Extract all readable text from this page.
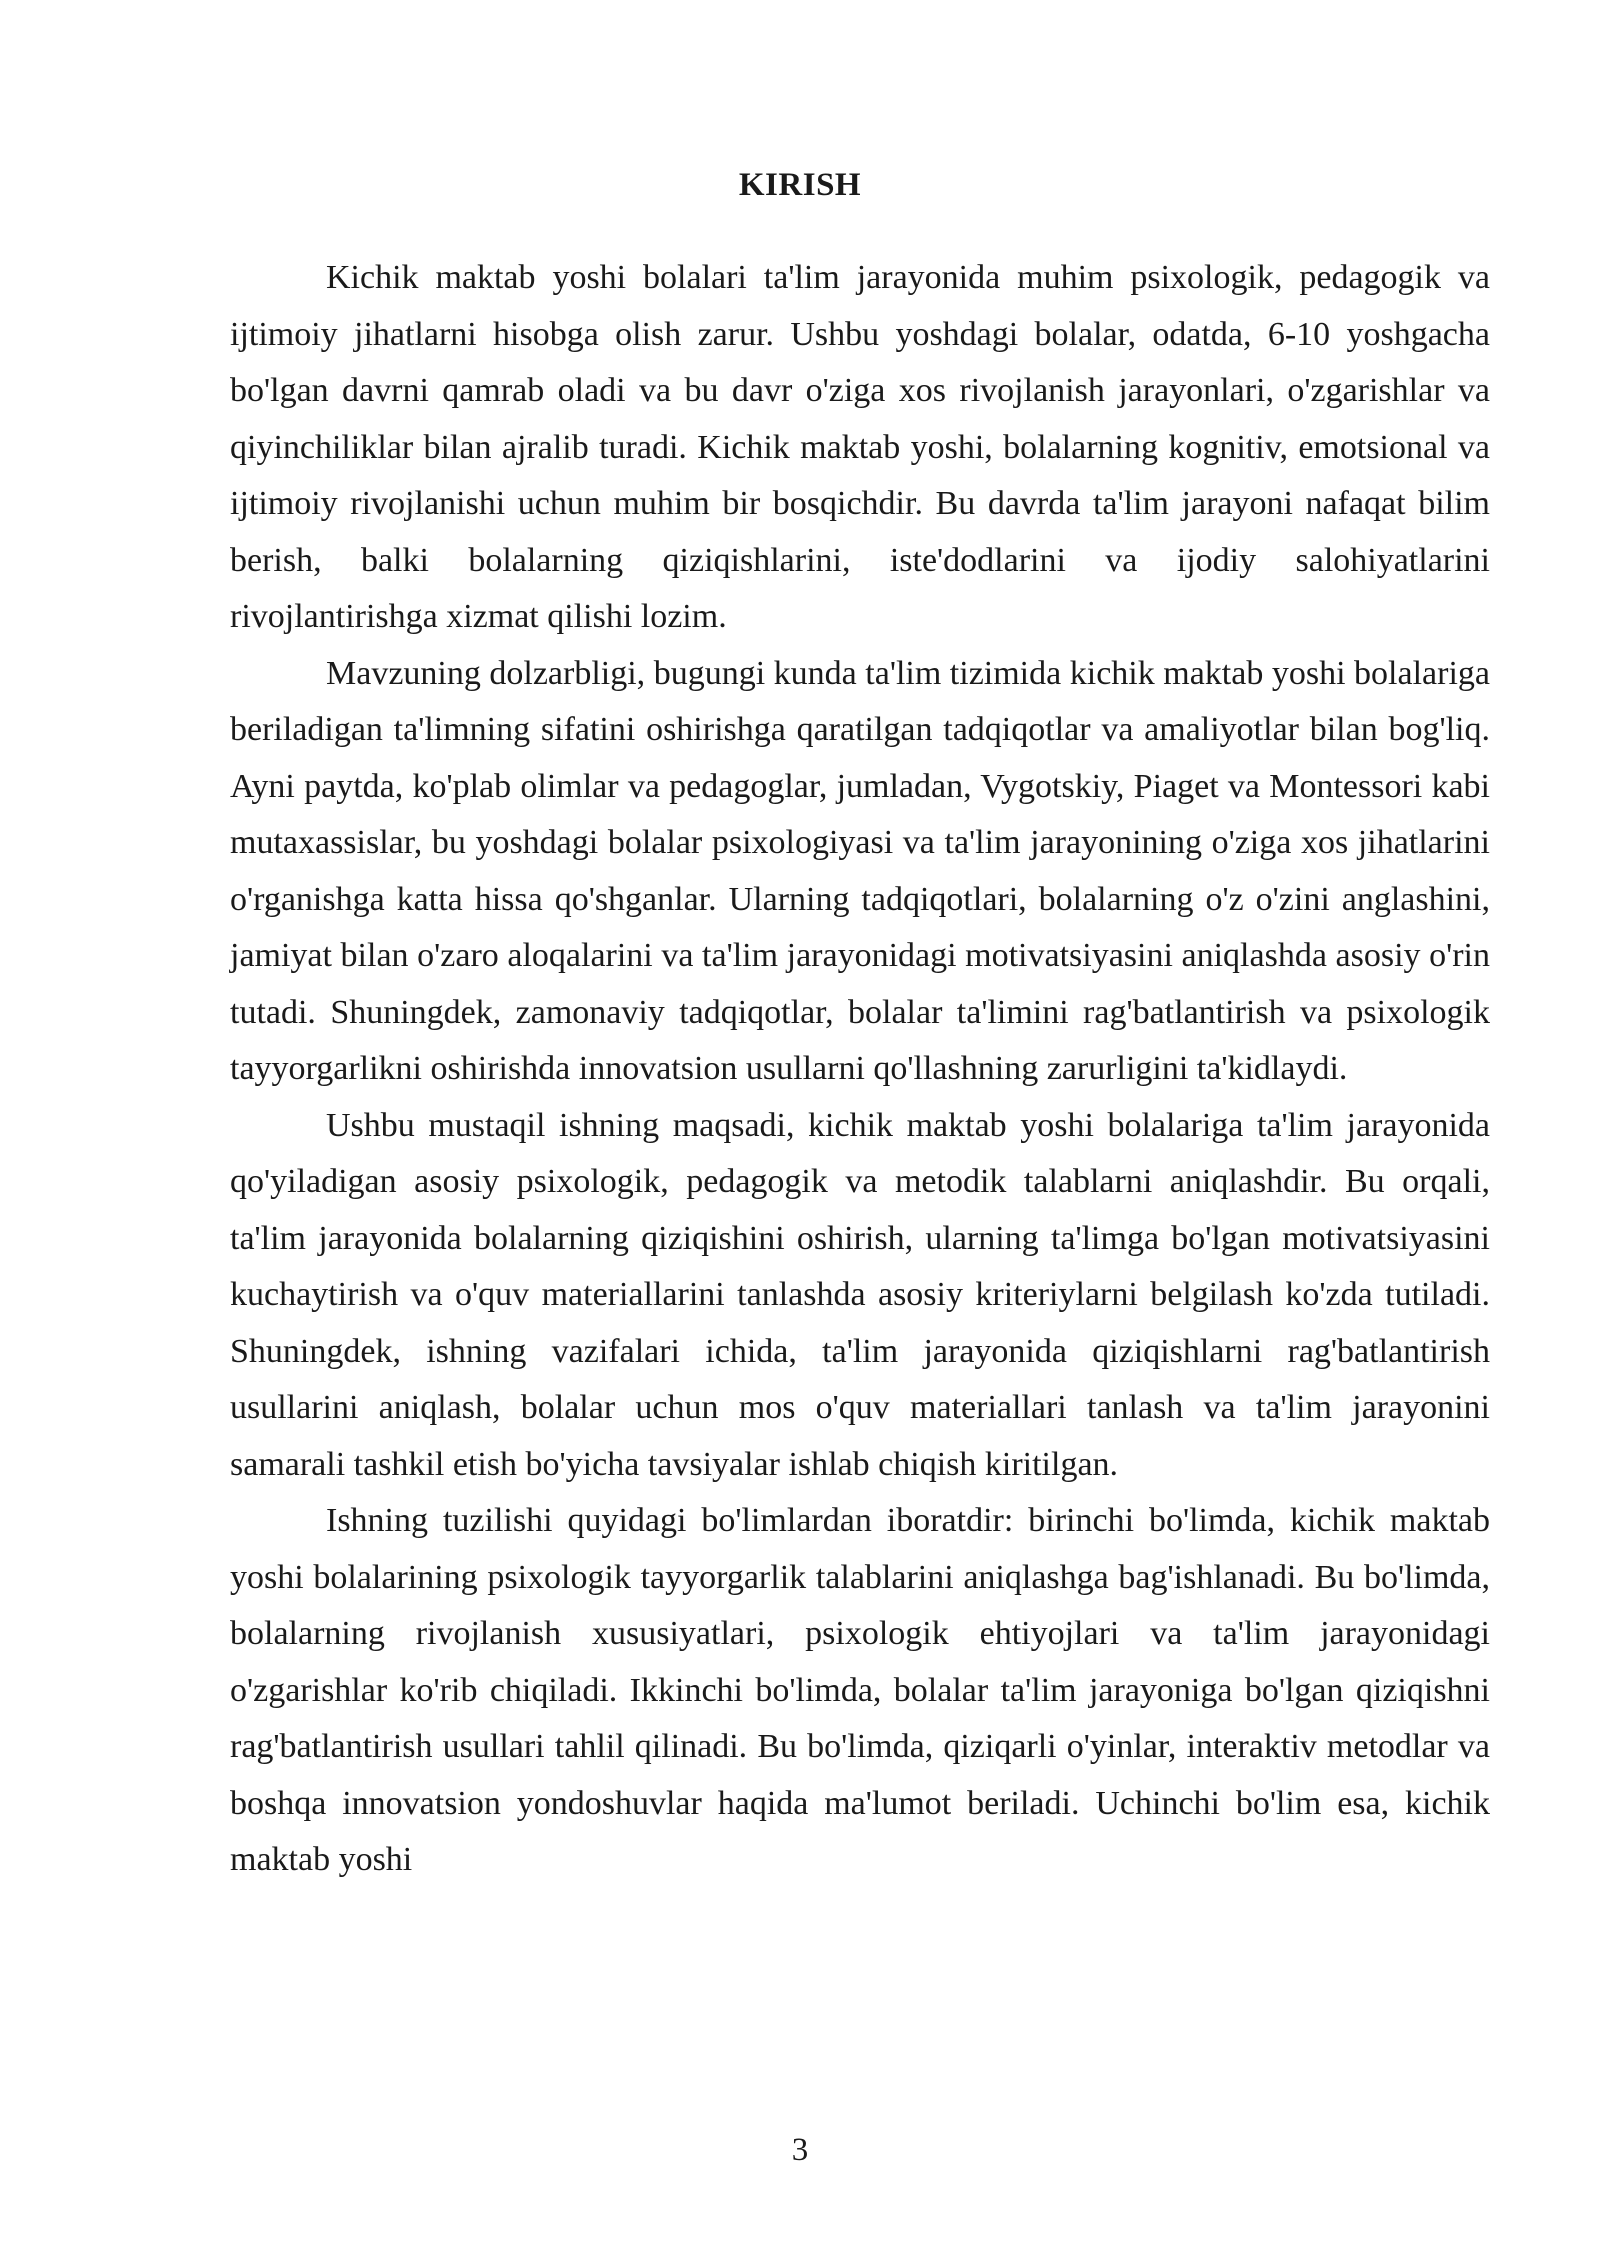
KIRISH

Kichik maktab yoshi bolalari ta'lim jarayonida muhim psixologik, pedagogik va ijtimoiy jihatlarni hisobga olish zarur. Ushbu yoshdagi bolalar, odatda, 6-10 yoshgacha bo'lgan davrni qamrab oladi va bu davr o'ziga xos rivojlanish jarayonlari, o'zgarishlar va qiyinchiliklar bilan ajralib turadi. Kichik maktab yoshi, bolalarning kognitiv, emotsional va ijtimoiy rivojlanishi uchun muhim bir bosqichdir. Bu davrda ta'lim jarayoni nafaqat bilim berish, balki bolalarning qiziqishlarini, iste'dodlarini va ijodiy salohiyatlarini rivojlantirishga xizmat qilishi lozim.

Mavzuning dolzarbligi, bugungi kunda ta'lim tizimida kichik maktab yoshi bolalariga beriladigan ta'limning sifatini oshirishga qaratilgan tadqiqotlar va amaliyotlar bilan bog'liq. Ayni paytda, ko'plab olimlar va pedagoglar, jumladan, Vygotskiy, Piaget va Montessori kabi mutaxassislar, bu yoshdagi bolalar psixologiyasi va ta'lim jarayonining o'ziga xos jihatlarini o'rganishga katta hissa qo'shganlar. Ularning tadqiqotlari, bolalarning o'z o'zini anglashini, jamiyat bilan o'zaro aloqalarini va ta'lim jarayonidagi motivatsiyasini aniqlashda asosiy o'rin tutadi. Shuningdek, zamonaviy tadqiqotlar, bolalar ta'limini rag'batlantirish va psixologik tayyorgarlikni oshirishda innovatsion usullarni qo'llashning zarurligini ta'kidlaydi.

Ushbu mustaqil ishning maqsadi, kichik maktab yoshi bolalariga ta'lim jarayonida qo'yiladigan asosiy psixologik, pedagogik va metodik talablarni aniqlashdir. Bu orqali, ta'lim jarayonida bolalarning qiziqishini oshirish, ularning ta'limga bo'lgan motivatsiyasini kuchaytirish va o'quv materiallarini tanlashda asosiy kriteriylarni belgilash ko'zda tutiladi. Shuningdek, ishning vazifalari ichida, ta'lim jarayonida qiziqishlarni rag'batlantirish usullarini aniqlash, bolalar uchun mos o'quv materiallari tanlash va ta'lim jarayonini samarali tashkil etish bo'yicha tavsiyalar ishlab chiqish kiritilgan.

Ishning tuzilishi quyidagi bo'limlardan iboratdir: birinchi bo'limda, kichik maktab yoshi bolalarining psixologik tayyorgarlik talablarini aniqlashga bag'ishlanadi. Bu bo'limda, bolalarning rivojlanish xususiyatlari, psixologik ehtiyojlari va ta'lim jarayonidagi o'zgarishlar ko'rib chiqiladi. Ikkinchi bo'limda, bolalar ta'lim jarayoniga bo'lgan qiziqishni rag'batlantirish usullari tahlil qilinadi. Bu bo'limda, qiziqarli o'yinlar, interaktiv metodlar va boshqa innovatsion yondoshuvlar haqida ma'lumot beriladi. Uchinchi bo'lim esa, kichik maktab yoshi

3
